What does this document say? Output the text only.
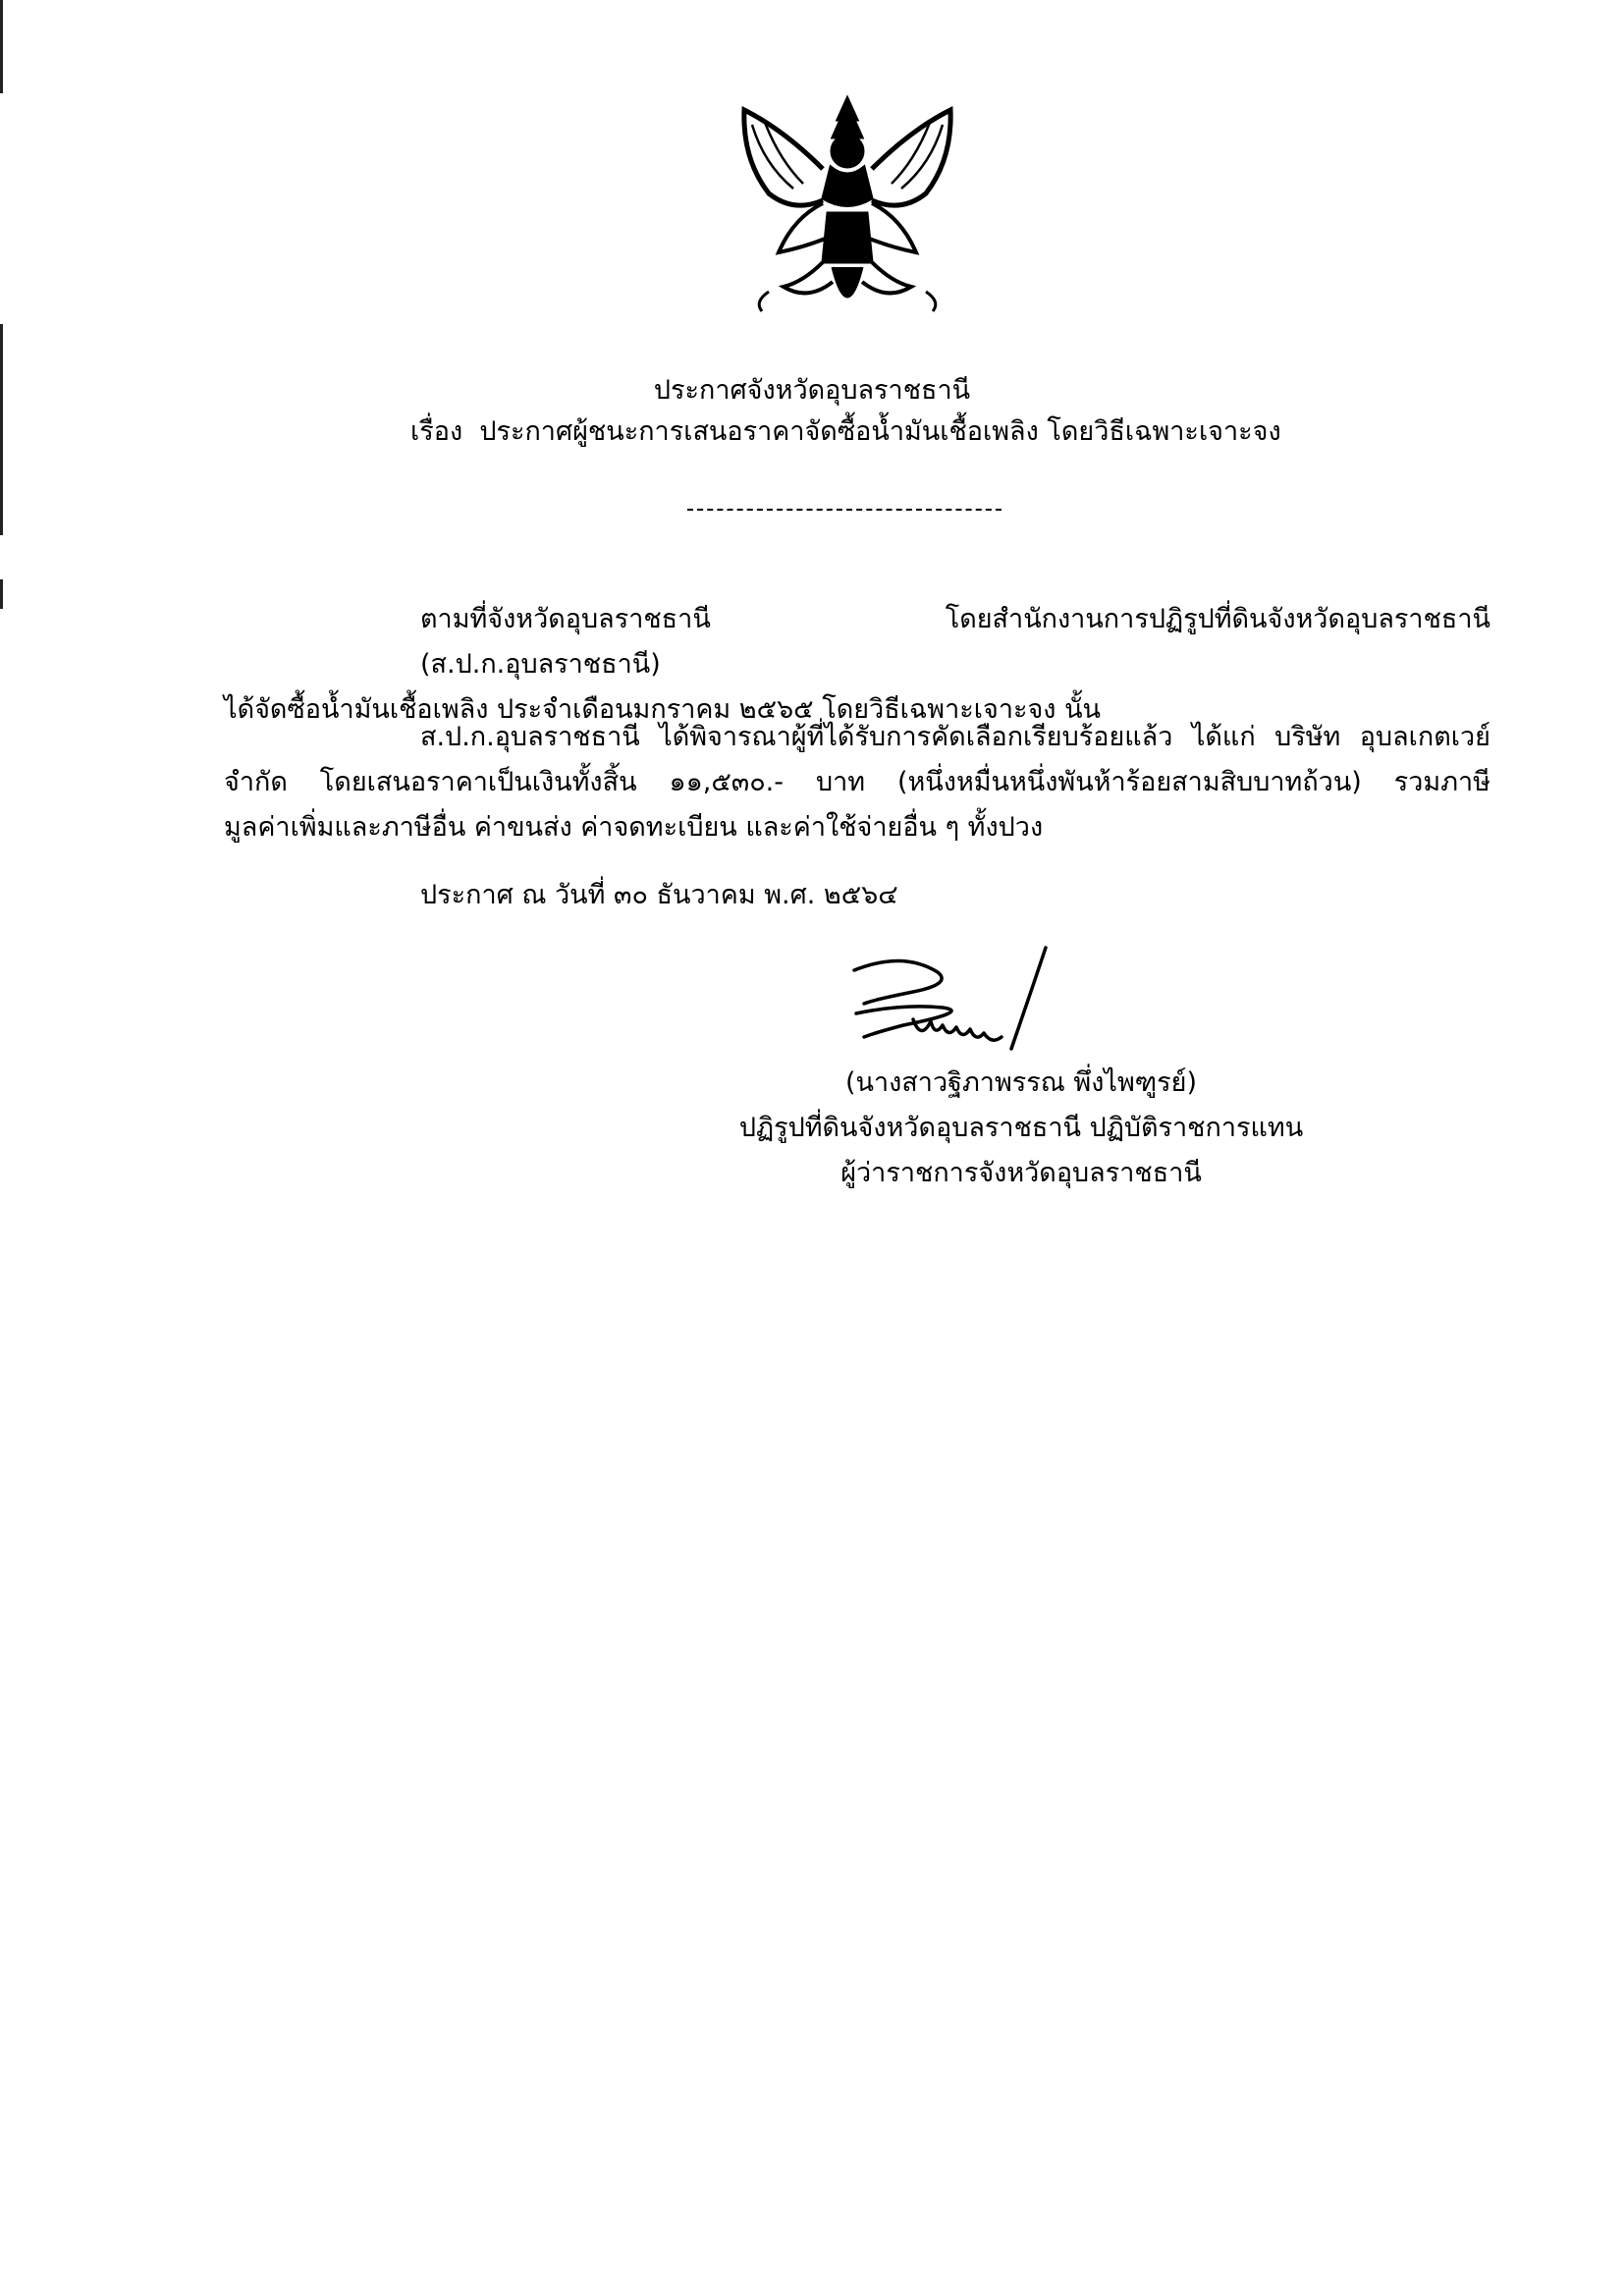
ประกาศจังหวัดอุบลราชธานี
เรื่อง ประกาศผู้ชนะการเสนอราคาจัดซื้อน้ำมันเชื้อเพลิง โดยวิธีเฉพาะเจาะจง

ตามที่จังหวัดอุบลราชธานี โดยสำนักงานการปฏิรูปที่ดินจังหวัดอุบลราชธานี (ส.ป.ก.อุบลราชธานี)

ได้จัดซื้อน้ำมันเชื้อเพลิง ประจำเดือนมกราคม ๒๕๖๕ โดยวิธีเฉพาะเจาะจง นั้น

ส.ป.ก.อุบลราชธานี ได้พิจารณาผู้ที่ได้รับการคัดเลือกเรียบร้อยแล้ว ได้แก่ บริษัท อุบลเกตเวย์

จำกัด โดยเสนอราคาเป็นเงินทั้งสิ้น ๑๑,๕๓๐.- บาท (หนึ่งหมื่นหนึ่งพันห้าร้อยสามสิบบาทถ้วน) รวมภาษี

มูลค่าเพิ่มและภาษีอื่น ค่าขนส่ง ค่าจดทะเบียน และค่าใช้จ่ายอื่น ๆ ทั้งปวง

ประกาศ ณ วันที่ ๓๐ ธันวาคม พ.ศ. ๒๕๖๔
(นางสาวฐิภาพรรณ พึ่งไพฑูรย์)
ปฏิรูปที่ดินจังหวัดอุบลราชธานี ปฏิบัติราชการแทน
ผู้ว่าราชการจังหวัดอุบลราชธานี
